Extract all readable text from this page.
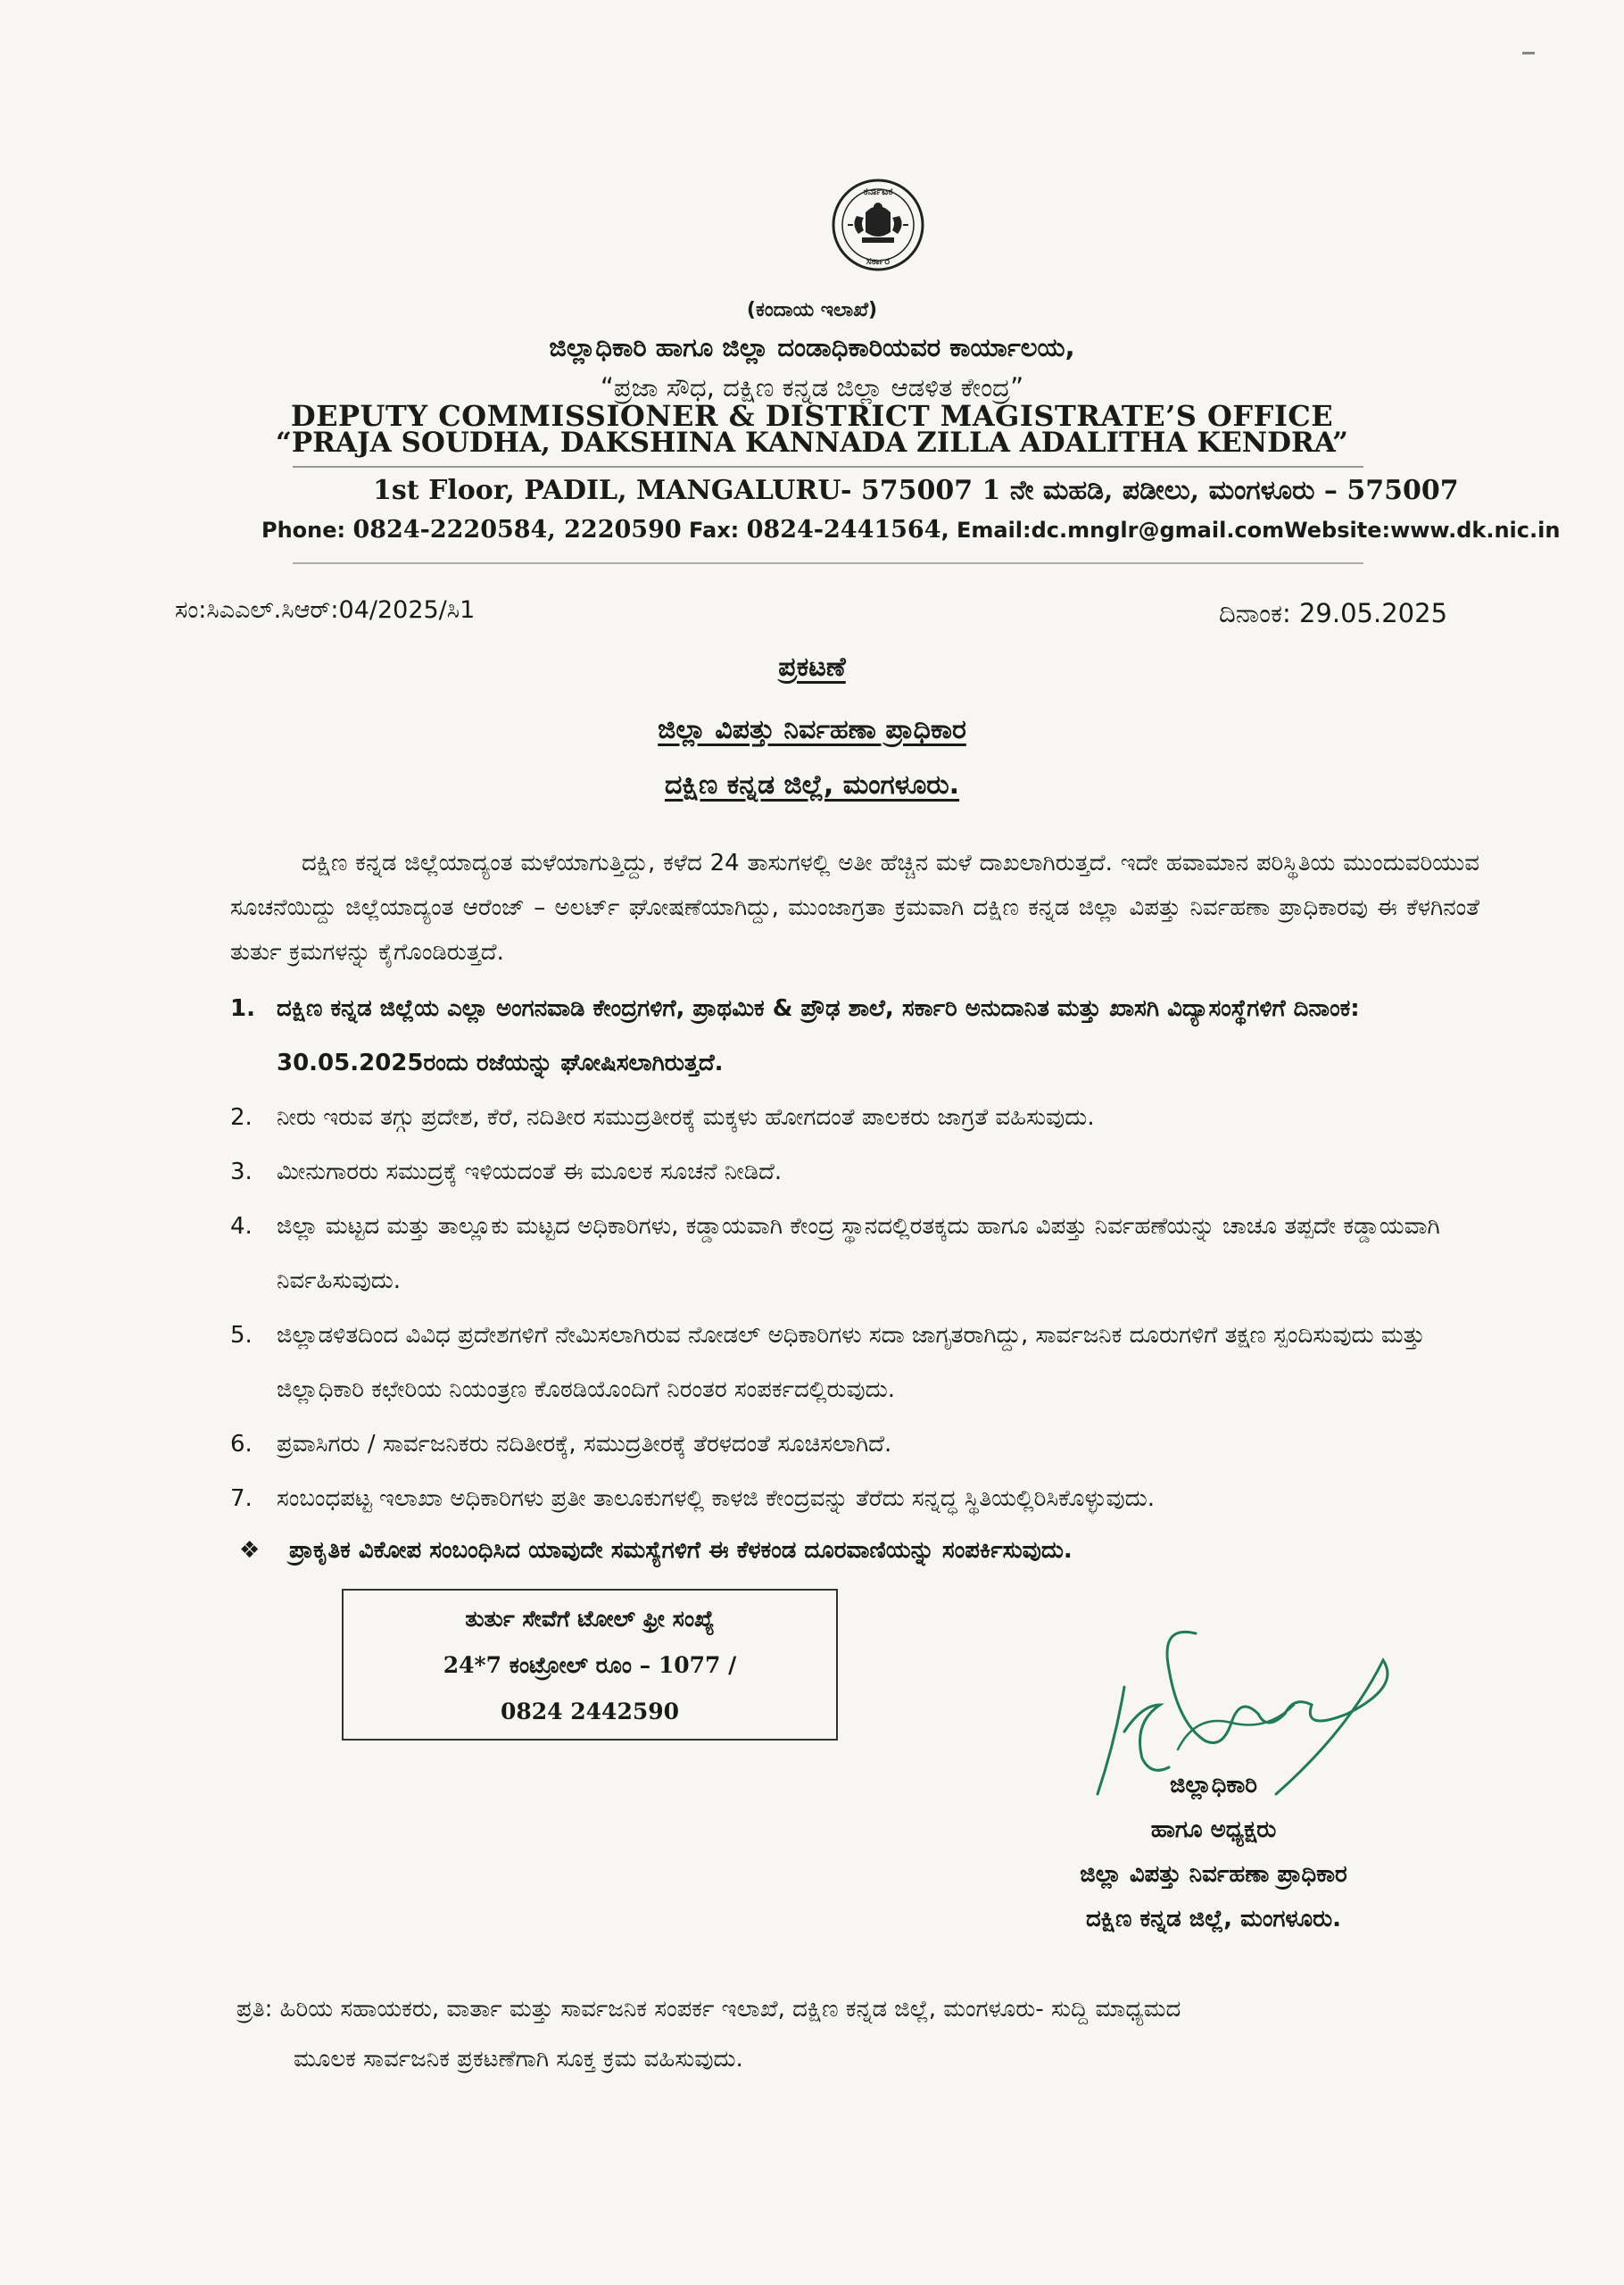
ಕರ್ನಾಟಕ
ಸರ್ಕಾರ
(ಕಂದಾಯ ಇಲಾಖೆ)
ಜಿಲ್ಲಾಧಿಕಾರಿ ಹಾಗೂ ಜಿಲ್ಲಾ ದಂಡಾಧಿಕಾರಿಯವರ ಕಾರ್ಯಾಲಯ,
“ಪ್ರಜಾ ಸೌಧ, ದಕ್ಷಿಣ ಕನ್ನಡ ಜಿಲ್ಲಾ ಆಡಳಿತ ಕೇಂದ್ರ”
DEPUTY COMMISSIONER & DISTRICT MAGISTRATE’S OFFICE
“PRAJA SOUDHA, DAKSHINA KANNADA ZILLA ADALITHA KENDRA”
1st Floor, PADIL, MANGALURU- 575007 1 ನೇ ಮಹಡಿ, ಪಡೀಲು, ಮಂಗಳೂರು – 575007
Phone: 0824-2220584, 2220590 Fax: 0824-2441564, Email:dc.mnglr@gmail.comWebsite:www.dk.nic.in
ಸಂ:ಸಿಎಎಲ್.ಸಿಆರ್:04/2025/ಸಿ1	ದಿನಾಂಕ: 29.05.2025
ಪ್ರಕಟಣೆ
ಜಿಲ್ಲಾ ವಿಪತ್ತು ನಿರ್ವಹಣಾ ಪ್ರಾಧಿಕಾರ
ದಕ್ಷಿಣ ಕನ್ನಡ ಜಿಲ್ಲೆ, ಮಂಗಳೂರು.
ದಕ್ಷಿಣ ಕನ್ನಡ ಜಿಲ್ಲೆಯಾದ್ಯಂತ ಮಳೆಯಾಗುತ್ತಿದ್ದು, ಕಳೆದ 24 ತಾಸುಗಳಲ್ಲಿ ಅತೀ ಹೆಚ್ಚಿನ ಮಳೆ ದಾಖಲಾಗಿರುತ್ತದೆ. ಇದೇ ಹವಾಮಾನ ಪರಿಸ್ಥಿತಿಯ ಮುಂದುವರಿಯುವ ಸೂಚನೆಯಿದ್ದು ಜಿಲ್ಲೆಯಾದ್ಯಂತ ಆರೆಂಜ್ – ಅಲರ್ಟ್ ಘೋಷಣೆಯಾಗಿದ್ದು, ಮುಂಜಾಗ್ರತಾ ಕ್ರಮವಾಗಿ ದಕ್ಷಿಣ ಕನ್ನಡ ಜಿಲ್ಲಾ ವಿಪತ್ತು ನಿರ್ವಹಣಾ ಪ್ರಾಧಿಕಾರವು ಈ ಕೆಳಗಿನಂತೆ ತುರ್ತು ಕ್ರಮಗಳನ್ನು ಕೈಗೊಂಡಿರುತ್ತದೆ.
1. ದಕ್ಷಿಣ ಕನ್ನಡ ಜಿಲ್ಲೆಯ ಎಲ್ಲಾ ಅಂಗನವಾಡಿ ಕೇಂದ್ರಗಳಿಗೆ, ಪ್ರಾಥಮಿಕ & ಪ್ರೌಢ ಶಾಲೆ, ಸರ್ಕಾರಿ ಅನುದಾನಿತ ಮತ್ತು ಖಾಸಗಿ ವಿದ್ಯಾಸಂಸ್ಥೆಗಳಿಗೆ ದಿನಾಂಕ: 30.05.2025ರಂದು ರಜೆಯನ್ನು ಘೋಷಿಸಲಾಗಿರುತ್ತದೆ.
2.	ನೀರು ಇರುವ ತಗ್ಗು ಪ್ರದೇಶ, ಕೆರೆ, ನದಿತೀರ ಸಮುದ್ರತೀರಕ್ಕೆ ಮಕ್ಕಳು ಹೋಗದಂತೆ ಪಾಲಕರು ಜಾಗ್ರತೆ ವಹಿಸುವುದು.
3.	ಮೀನುಗಾರರು ಸಮುದ್ರಕ್ಕೆ ಇಳಿಯದಂತೆ ಈ ಮೂಲಕ ಸೂಚನೆ ನೀಡಿದೆ.
4.	ಜಿಲ್ಲಾ ಮಟ್ಟದ ಮತ್ತು ತಾಲ್ಲೂಕು ಮಟ್ಟದ ಅಧಿಕಾರಿಗಳು, ಕಡ್ಡಾಯವಾಗಿ ಕೇಂದ್ರ ಸ್ಥಾನದಲ್ಲಿರತಕ್ಕದು ಹಾಗೂ ವಿಪತ್ತು ನಿರ್ವಹಣೆಯನ್ನು ಚಾಚೂ ತಪ್ಪದೇ ಕಡ್ಡಾಯವಾಗಿ ನಿರ್ವಹಿಸುವುದು.
5.	ಜಿಲ್ಲಾಡಳಿತದಿಂದ ವಿವಿಧ ಪ್ರದೇಶಗಳಿಗೆ ನೇಮಿಸಲಾಗಿರುವ ನೋಡಲ್ ಅಧಿಕಾರಿಗಳು ಸದಾ ಜಾಗೃತರಾಗಿದ್ದು, ಸಾರ್ವಜನಿಕ ದೂರುಗಳಿಗೆ ತಕ್ಷಣ ಸ್ಪಂದಿಸುವುದು ಮತ್ತು ಜಿಲ್ಲಾಧಿಕಾರಿ ಕಛೇರಿಯ ನಿಯಂತ್ರಣ ಕೊಠಡಿಯೊಂದಿಗೆ ನಿರಂತರ ಸಂಪರ್ಕದಲ್ಲಿರುವುದು.
6.	ಪ್ರವಾಸಿಗರು / ಸಾರ್ವಜನಿಕರು ನದಿತೀರಕ್ಕೆ, ಸಮುದ್ರತೀರಕ್ಕೆ ತೆರಳದಂತೆ ಸೂಚಿಸಲಾಗಿದೆ.
7.	ಸಂಬಂಧಪಟ್ಟ ಇಲಾಖಾ ಅಧಿಕಾರಿಗಳು ಪ್ರತೀ ತಾಲೂಕುಗಳಲ್ಲಿ ಕಾಳಜಿ ಕೇಂದ್ರವನ್ನು ತೆರೆದು ಸನ್ನದ್ಧ ಸ್ಥಿತಿಯಲ್ಲಿರಿಸಿಕೊಳ್ಳುವುದು.
❖ ಪ್ರಾಕೃತಿಕ ವಿಕೋಪ ಸಂಬಂಧಿಸಿದ ಯಾವುದೇ ಸಮಸ್ಯೆಗಳಿಗೆ ಈ ಕೆಳಕಂಡ ದೂರವಾಣಿಯನ್ನು ಸಂಪರ್ಕಿಸುವುದು.
ತುರ್ತು ಸೇವೆಗೆ ಟೋಲ್ ಫ್ರೀ ಸಂಖ್ಯೆ
24*7 ಕಂಟ್ರೋಲ್ ರೂಂ – 1077 /
0824 2442590
ಜಿಲ್ಲಾಧಿಕಾರಿ
ಹಾಗೂ ಅಧ್ಯಕ್ಷರು
ಜಿಲ್ಲಾ ವಿಪತ್ತು ನಿರ್ವಹಣಾ ಪ್ರಾಧಿಕಾರ
ದಕ್ಷಿಣ ಕನ್ನಡ ಜಿಲ್ಲೆ, ಮಂಗಳೂರು.
ಪ್ರತಿ: ಹಿರಿಯ ಸಹಾಯಕರು, ವಾರ್ತಾ ಮತ್ತು ಸಾರ್ವಜನಿಕ ಸಂಪರ್ಕ ಇಲಾಖೆ, ದಕ್ಷಿಣ ಕನ್ನಡ ಜಿಲ್ಲೆ, ಮಂಗಳೂರು- ಸುದ್ದಿ ಮಾಧ್ಯಮದ
ಮೂಲಕ ಸಾರ್ವಜನಿಕ ಪ್ರಕಟಣೆಗಾಗಿ ಸೂಕ್ತ ಕ್ರಮ ವಹಿಸುವುದು.
